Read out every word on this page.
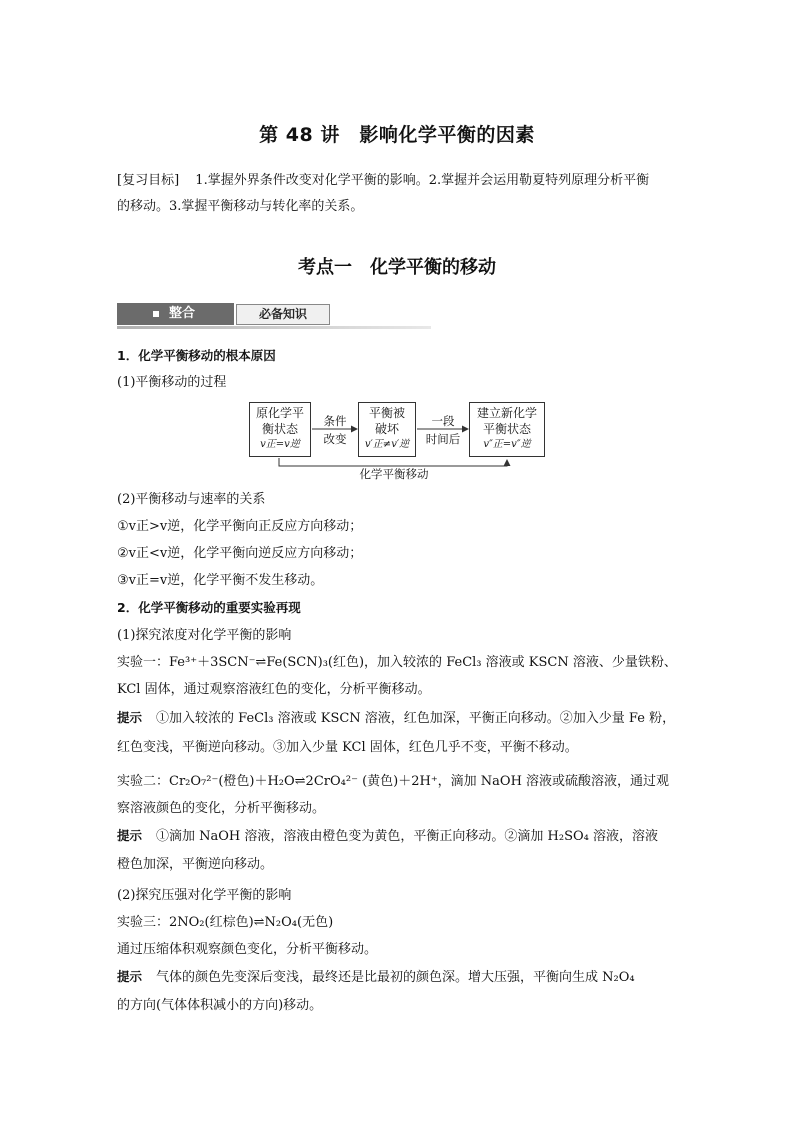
第 48 讲　影响化学平衡的因素
[复习目标] 1.掌握外界条件改变对化学平衡的影响。2.掌握并会运用勒夏特列原理分析平衡
的移动。3.掌握平衡移动与转化率的关系。
考点一　化学平衡的移动
整合	必备知识
1．化学平衡移动的根本原因
(1)平衡移动的过程
原化学平
衡状态
v正=v逆
条件
改变
平衡被
破坏
v′正≠v′逆
一段
时间后
建立新化学
平衡状态
v″正=v″逆
化学平衡移动
(2)平衡移动与速率的关系
①v正>v逆，化学平衡向正反应方向移动；
②v正<v逆，化学平衡向逆反应方向移动；
③v正=v逆，化学平衡不发生移动。
2．化学平衡移动的重要实验再现
(1)探究浓度对化学平衡的影响
实验一：Fe³⁺＋3SCN⁻⇌Fe(SCN)₃(红色)，加入较浓的 FeCl₃ 溶液或 KSCN 溶液、少量铁粉、
KCl 固体，通过观察溶液红色的变化，分析平衡移动。
提示 ①加入较浓的 FeCl₃ 溶液或 KSCN 溶液，红色加深，平衡正向移动。②加入少量 Fe 粉，
红色变浅，平衡逆向移动。③加入少量 KCl 固体，红色几乎不变，平衡不移动。
实验二：Cr₂O₇²⁻(橙色)＋H₂O⇌2CrO₄²⁻ (黄色)＋2H⁺，滴加 NaOH 溶液或硫酸溶液，通过观
察溶液颜色的变化，分析平衡移动。
提示 ①滴加 NaOH 溶液，溶液由橙色变为黄色，平衡正向移动。②滴加 H₂SO₄ 溶液，溶液
橙色加深，平衡逆向移动。
(2)探究压强对化学平衡的影响
实验三：2NO₂(红棕色)⇌N₂O₄(无色)
通过压缩体积观察颜色变化，分析平衡移动。
提示 气体的颜色先变深后变浅，最终还是比最初的颜色深。增大压强，平衡向生成 N₂O₄
的方向(气体体积减小的方向)移动。
